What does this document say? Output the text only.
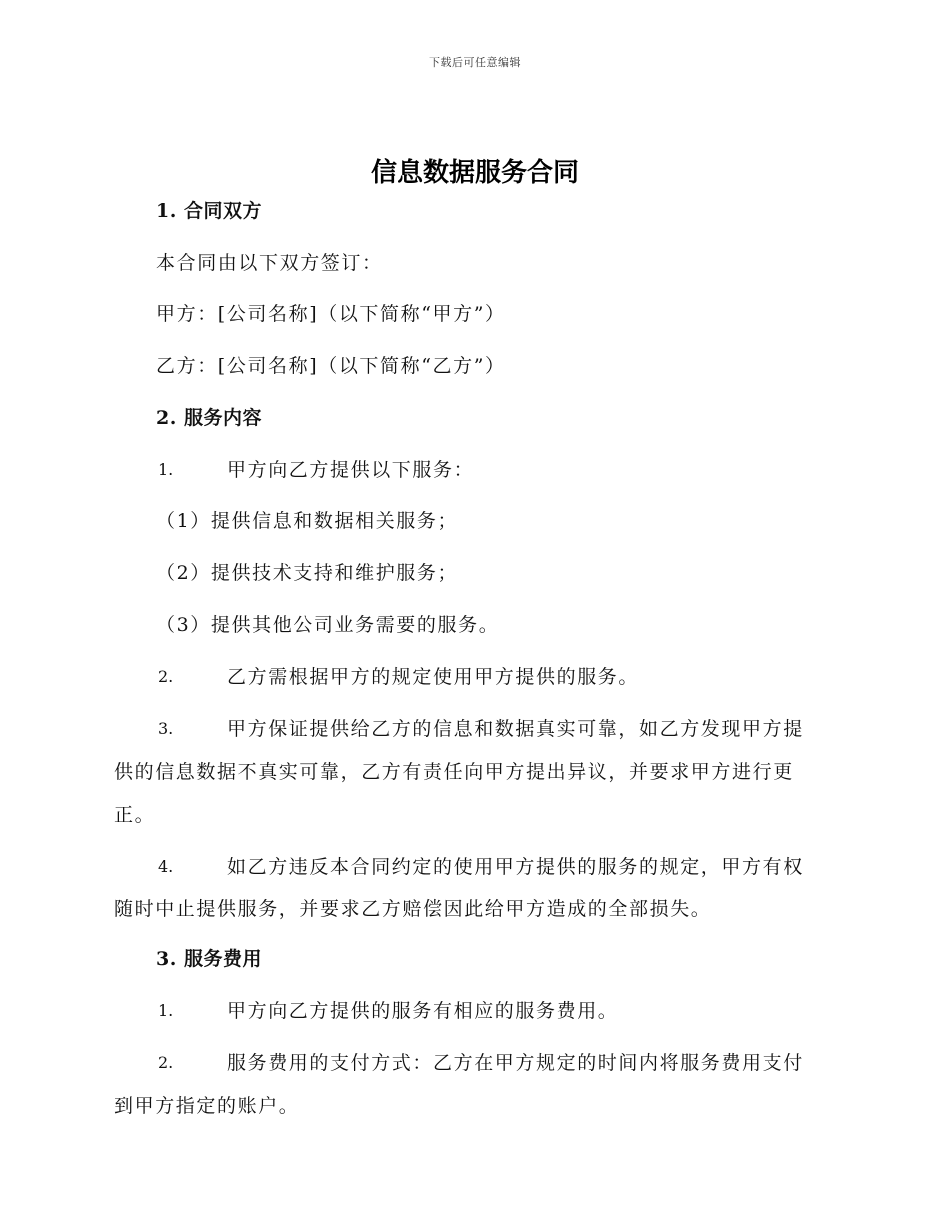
下载后可任意编辑
信息数据服务合同
1. 合同双方
本合同由以下双方签订：
甲方：[公司名称]（以下简称“甲方”）
乙方：[公司名称]（以下简称“乙方”）
2. 服务内容
1.	甲方向乙方提供以下服务：
（1）提供信息和数据相关服务；
（2）提供技术支持和维护服务；
（3）提供其他公司业务需要的服务。
2.	乙方需根据甲方的规定使用甲方提供的服务。
3.	甲方保证提供给乙方的信息和数据真实可靠，如乙方发现甲方提
供的信息数据不真实可靠，乙方有责任向甲方提出异议，并要求甲方进行更
正。
4.	如乙方违反本合同约定的使用甲方提供的服务的规定，甲方有权
随时中止提供服务，并要求乙方赔偿因此给甲方造成的全部损失。
3. 服务费用
1.	甲方向乙方提供的服务有相应的服务费用。
2.	服务费用的支付方式：乙方在甲方规定的时间内将服务费用支付
到甲方指定的账户。
